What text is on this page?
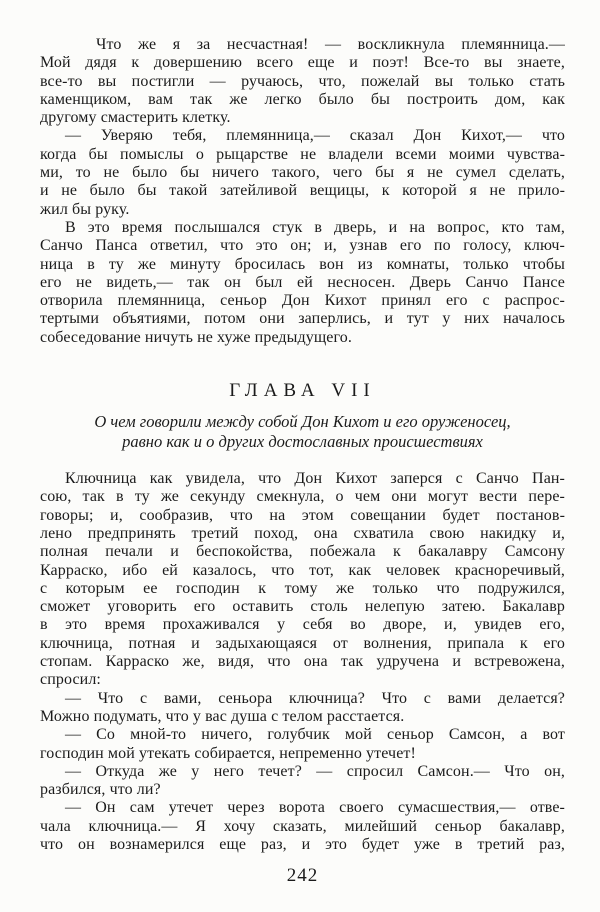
Что же я за несчастная! — воскликнула племянница.—
Мой дядя к довершению всего еще и поэт! Все-то вы знаете,
все-то вы постигли — ручаюсь, что, пожелай вы только стать
каменщиком, вам так же легко было бы построить дом, как
другому смастерить клетку.
— Уверяю тебя, племянница,— сказал Дон Кихот,— что
когда бы помыслы о рыцарстве не владели всеми моими чувства-
ми, то не было бы ничего такого, чего бы я не сумел сделать,
и не было бы такой затейливой вещицы, к которой я не прило-
жил бы руку.
В это время послышался стук в дверь, и на вопрос, кто там,
Санчо Панса ответил, что это он; и, узнав его по голосу, ключ-
ница в ту же минуту бросилась вон из комнаты, только чтобы
его не видеть,— так он был ей несносен. Дверь Санчо Пансе
отворила племянница, сеньор Дон Кихот принял его с распрос-
тертыми объятиями, потом они заперлись, и тут у них началось
собеседование ничуть не хуже предыдущего.
ГЛАВА VII
О чем говорили между собой Дон Кихот и его оруженосец,
равно как и о других достославных происшествиях
Ключница как увидела, что Дон Кихот заперся с Санчо Пан-
сою, так в ту же секунду смекнула, о чем они могут вести пере-
говоры; и, сообразив, что на этом совещании будет постанов-
лено предпринять третий поход, она схватила свою накидку и,
полная печали и беспокойства, побежала к бакалавру Самсону
Карраско, ибо ей казалось, что тот, как человек красноречивый,
с которым ее господин к тому же только что подружился,
сможет уговорить его оставить столь нелепую затею. Бакалавр
в это время прохаживался у себя во дворе, и, увидев его,
ключница, потная и задыхающаяся от волнения, припала к его
стопам. Карраско же, видя, что она так удручена и встревожена,
спросил:
— Что с вами, сеньора ключница? Что с вами делается?
Можно подумать, что у вас душа с телом расстается.
— Со мной-то ничего, голубчик мой сеньор Самсон, а вот
господин мой утекать собирается, непременно утечет!
— Откуда же у него течет? — спросил Самсон.— Что он,
разбился, что ли?
— Он сам утечет через ворота своего сумасшествия,— отве-
чала ключница.— Я хочу сказать, милейший сеньор бакалавр,
что он вознамерился еще раз, и это будет уже в третий раз,
242
